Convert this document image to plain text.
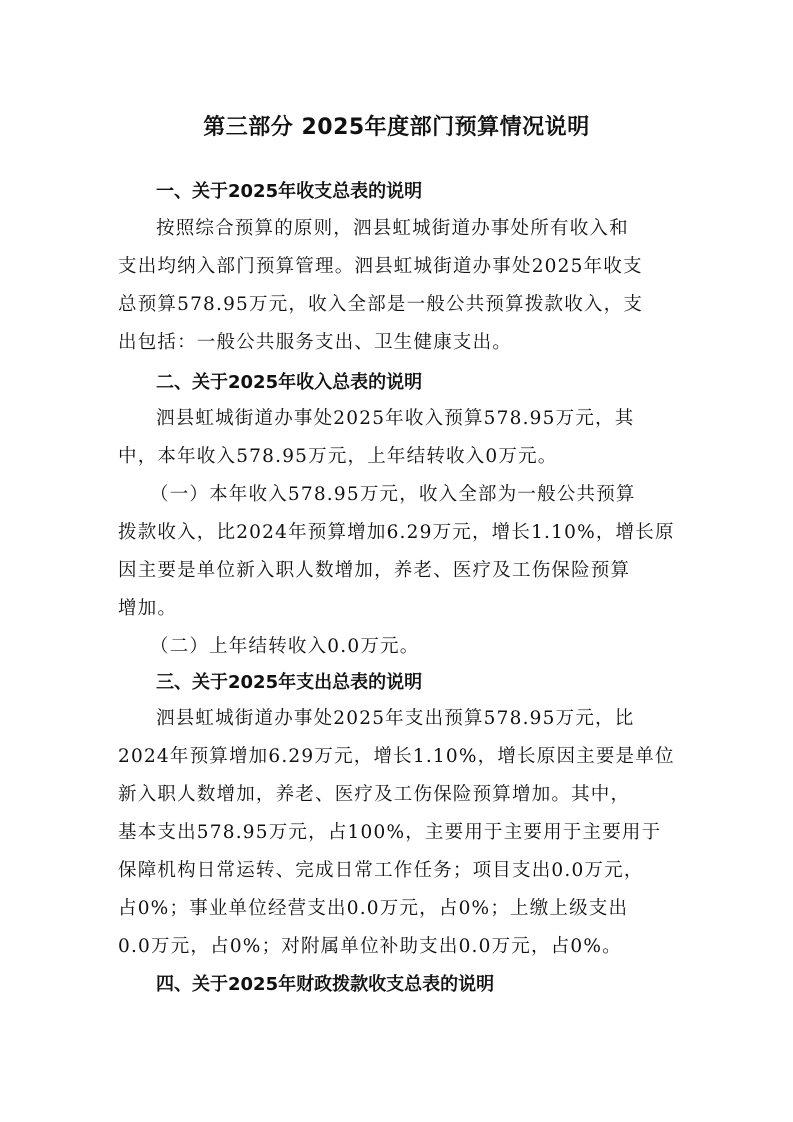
第三部分 2025年度部门预算情况说明
一、关于2025年收支总表的说明
按照综合预算的原则，泗县虹城街道办事处所有收入和
支出均纳入部门预算管理。泗县虹城街道办事处2025年收支
总预算578.95万元，收入全部是一般公共预算拨款收入，支
出包括：一般公共服务支出、卫生健康支出。
二、关于2025年收入总表的说明
泗县虹城街道办事处2025年收入预算578.95万元，其
中，本年收入578.95万元，上年结转收入0万元。
（一）本年收入578.95万元，收入全部为一般公共预算
拨款收入，比2024年预算增加6.29万元，增长1.10%，增长原
因主要是单位新入职人数增加，养老、医疗及工伤保险预算
增加。
（二）上年结转收入0.0万元。
三、关于2025年支出总表的说明
泗县虹城街道办事处2025年支出预算578.95万元，比
2024年预算增加6.29万元，增长1.10%，增长原因主要是单位
新入职人数增加，养老、医疗及工伤保险预算增加。其中，
基本支出578.95万元，占100%，主要用于主要用于主要用于
保障机构日常运转、完成日常工作任务；项目支出0.0万元，
占0%；事业单位经营支出0.0万元，占0%；上缴上级支出
0.0万元，占0%；对附属单位补助支出0.0万元，占0%。
四、关于2025年财政拨款收支总表的说明
